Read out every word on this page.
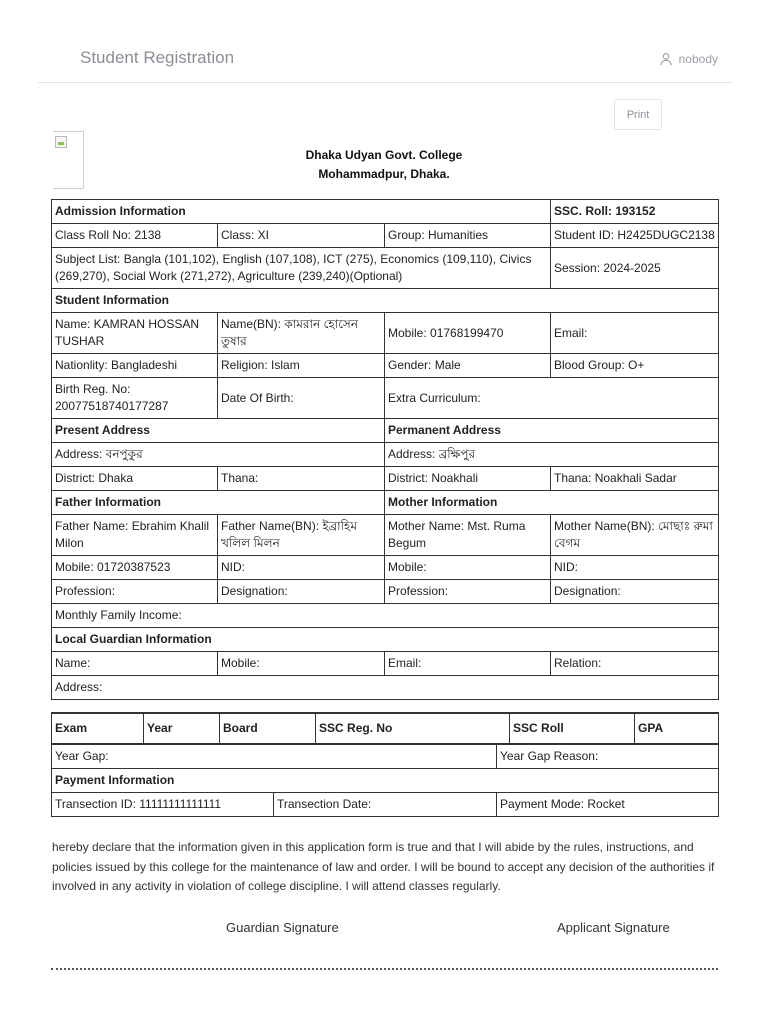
Student Registration	nobody
Print
Dhaka Udyan Govt. College
Mohammadpur, Dhaka.
Admission Information			SSC. Roll: 193152
Class Roll No: 2138	Class: XI	Group: Humanities	Student ID: H2425DUGC2138
Subject List: Bangla (101,102), English (107,108), ICT (275), Economics (109,110), Civics (269,270), Social Work (271,272), Agriculture (239,240)(Optional)			Session: 2024-2025
Student Information			
Name: KAMRAN HOSSAN TUSHAR	Name(BN): কামরান হোসেন তুষার	Mobile: 01768199470	Email:
Nationlity: Bangladeshi	Religion: Islam	Gender: Male	Blood Group: O+
Birth Reg. No: 20077518740177287	Date Of Birth:	Extra Curriculum:	
Present Address		Permanent Address	
Address: বনপুকুর		Address: ব্রক্ষিপুর	
District: Dhaka	Thana:	District: Noakhali	Thana: Noakhali Sadar
Father Information		Mother Information	
Father Name: Ebrahim Khalil Milon	Father Name(BN): ইব্রাহিম খলিল মিলন	Mother Name: Mst. Ruma Begum	Mother Name(BN): মোছাঃ রুমা বেগম
Mobile: 01720387523	NID:	Mobile:	NID:
Profession:	Designation:	Profession:	Designation:
Monthly Family Income:			
Local Guardian Information			
Name:	Mobile:	Email:	Relation:
Address:			
Exam	Year	Board		SSC Reg. No		SSC Roll	GPA
Year Gap:					Year Gap Reason:		
Payment Information							
Transection ID: 11111111111111			Transection Date:		Payment Mode: Rocket		

hereby declare that the information given in this application form is true and that I will abide by the rules, instructions, and policies issued by this college for the maintenance of law and order. I will be bound to accept any decision of the authorities if involved in any activity in violation of college discipline. I will attend classes regularly.

Guardian Signature	Applicant Signature
